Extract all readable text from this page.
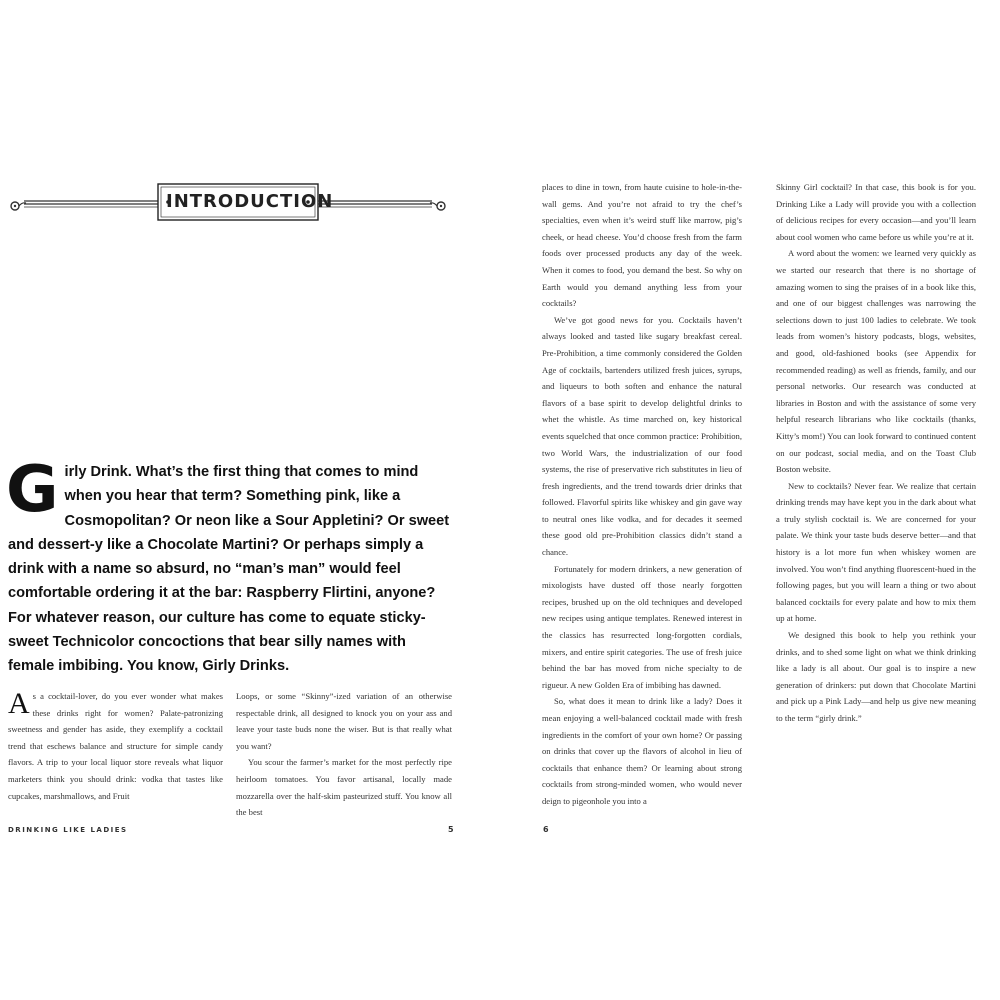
INTRODUCTION

Girly Drink. What’s the first thing that comes to mind when you hear that term? Something pink, like a Cosmopolitan? Or neon like a Sour Appletini? Or sweet and dessert-y like a Chocolate Martini? Or perhaps simply a drink with a name so absurd, no “man’s man” would feel comfortable ordering it at the bar: Raspberry Flirtini, anyone? For whatever reason, our culture has come to equate sticky-sweet Technicolor concoctions that bear silly names with female imbibing. You know, Girly Drinks.

As a cocktail-lover, do you ever wonder what makes these drinks right for women? Palate-patronizing sweetness and gender has aside, they exemplify a cocktail trend that eschews balance and structure for simple candy flavors. A trip to your local liquor store reveals what liquor marketers think you should drink: vodka that tastes like cupcakes, marshmallows, and Fruit

Loops, or some “Skinny”-ized variation of an otherwise respectable drink, all designed to knock you on your ass and leave your taste buds none the wiser. But is that really what you want?

You scour the farmer’s market for the most perfectly ripe heirloom tomatoes. You favor artisanal, locally made mozzarella over the half-skim pasteurized stuff. You know all the best

DRINKING LIKE LADIES	5

places to dine in town, from haute cuisine to hole-in-the-wall gems. And you’re not afraid to try the chef’s specialties, even when it’s weird stuff like marrow, pig’s cheek, or head cheese. You’d choose fresh from the farm foods over processed products any day of the week. When it comes to food, you demand the best. So why on Earth would you demand anything less from your cocktails?

We’ve got good news for you. Cocktails haven’t always looked and tasted like sugary breakfast cereal. Pre-Prohibition, a time commonly considered the Golden Age of cocktails, bartenders utilized fresh juices, syrups, and liqueurs to both soften and enhance the natural flavors of a base spirit to develop delightful drinks to whet the whistle. As time marched on, key historical events squelched that once common practice: Prohibition, two World Wars, the industrialization of our food systems, the rise of preservative rich substitutes in lieu of fresh ingredients, and the trend towards drier drinks that followed. Flavorful spirits like whiskey and gin gave way to neutral ones like vodka, and for decades it seemed these good old pre-Prohibition classics didn’t stand a chance.

Fortunately for modern drinkers, a new generation of mixologists have dusted off those nearly forgotten recipes, brushed up on the old techniques and developed new recipes using antique templates. Renewed interest in the classics has resurrected long-forgotten cordials, mixers, and entire spirit categories. The use of fresh juice behind the bar has moved from niche specialty to de rigueur. A new Golden Era of imbibing has dawned.

So, what does it mean to drink like a lady? Does it mean enjoying a well-balanced cocktail made with fresh ingredients in the comfort of your own home? Or passing on drinks that cover up the flavors of alcohol in lieu of cocktails that enhance them? Or learning about strong cocktails from strong-minded women, who would never deign to pigeonhole you into a

Skinny Girl cocktail? In that case, this book is for you. Drinking Like a Lady will provide you with a collection of delicious recipes for every occasion—and you’ll learn about cool women who came before us while you’re at it.

A word about the women: we learned very quickly as we started our research that there is no shortage of amazing women to sing the praises of in a book like this, and one of our biggest challenges was narrowing the selections down to just 100 ladies to celebrate. We took leads from women’s history podcasts, blogs, websites, and good, old-fashioned books (see Appendix for recommended reading) as well as friends, family, and our personal networks. Our research was conducted at libraries in Boston and with the assistance of some very helpful research librarians who like cocktails (thanks, Kitty’s mom!) You can look forward to continued content on our podcast, social media, and on the Toast Club Boston website.

New to cocktails? Never fear. We realize that certain drinking trends may have kept you in the dark about what a truly stylish cocktail is. We are concerned for your palate. We think your taste buds deserve better—and that history is a lot more fun when whiskey women are involved. You won’t find anything fluorescent-hued in the following pages, but you will learn a thing or two about balanced cocktails for every palate and how to mix them up at home.

We designed this book to help you rethink your drinks, and to shed some light on what we think drinking like a lady is all about. Our goal is to inspire a new generation of drinkers: put down that Chocolate Martini and pick up a Pink Lady—and help us give new meaning to the term “girly drink.”

6
